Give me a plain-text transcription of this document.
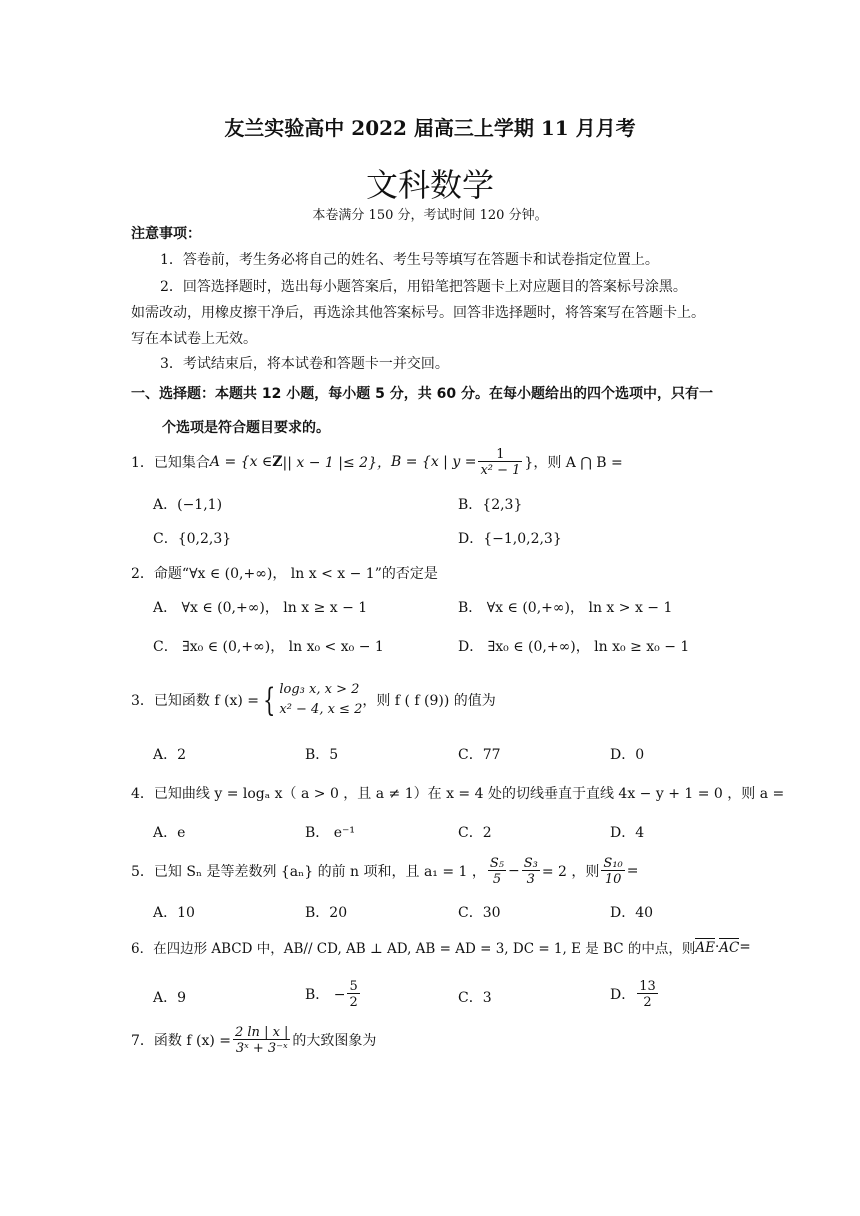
友兰实验高中 2022 届高三上学期 11 月月考
文科数学
本卷满分 150 分，考试时间 120 分钟。
注意事项：
1．答卷前，考生务必将自己的姓名、考生号等填写在答题卡和试卷指定位置上。
2．回答选择题时，选出每小题答案后，用铅笔把答题卡上对应题目的答案标号涂黑。
如需改动，用橡皮擦干净后，再选涂其他答案标号。回答非选择题时，将答案写在答题卡上。
写在本试卷上无效。
3．考试结束后，将本试卷和答题卡一并交回。
一、选择题：本题共 12 小题，每小题 5 分，共 60 分。在每小题给出的四个选项中，只有一
个选项是符合题目要求的。
1． 已知集合 A = {x ∈ Z || x − 1 |≤ 2}， B = {x | $y = \frac{1}{\text{x² − 1}}$ }，则 A ⋂ B =
A．(−1,1)	B．{2,3}
C．{0,2,3}	D．{−1,0,2,3}
2．命题“∀x ∈ (0,+∞)， ln x < x − 1”的否定是
A． ∀x ∈ (0,+∞)， ln x ≥ x − 1	B． ∀x ∈ (0,+∞)， ln x > x − 1
C． ∃x₀ ∈ (0,+∞)， ln x₀ < x₀ − 1	D． ∃x₀ ∈ (0,+∞)， ln x₀ ≥ x₀ − 1
3．已知函数 f (x) = { log₃ x, x > 2
x² − 4, x ≤ 2
，则 f ( f (9)) 的值为
A．2	B．5	C．77	D．0
4．已知曲线 y = logₐ x（ a > 0 ，且 a ≠ 1）在 x = 4 处的切线垂直于直线 4x − y + 1 = 0 ，则 a =
A．e	B． e⁻¹	C．2	D．4
5．已知 Sₙ 是等差数列 {aₙ} 的前 n 项和，且 a₁ = 1 ， $\frac{\text{S₅}}{5} - \frac{\text{S₃}}{3} = 2$ ，则 $\frac{\text{S₁₀}}{10}$ =
A．10	B．20	C．30	D．40
6．在四边形 ABCD 中，AB// CD, AB ⊥ AD, AB = AD = 3, DC = 1, E 是 BC 的中点，则 AE · AC =
A．9	B． − $\frac{5}{2}$	C．3	D． $\frac{13}{2}$
7．函数 f $(x) = \frac{2 \ln | x |}{\text{3ˣ + 3⁻ˣ}}$ 的大致图象为
